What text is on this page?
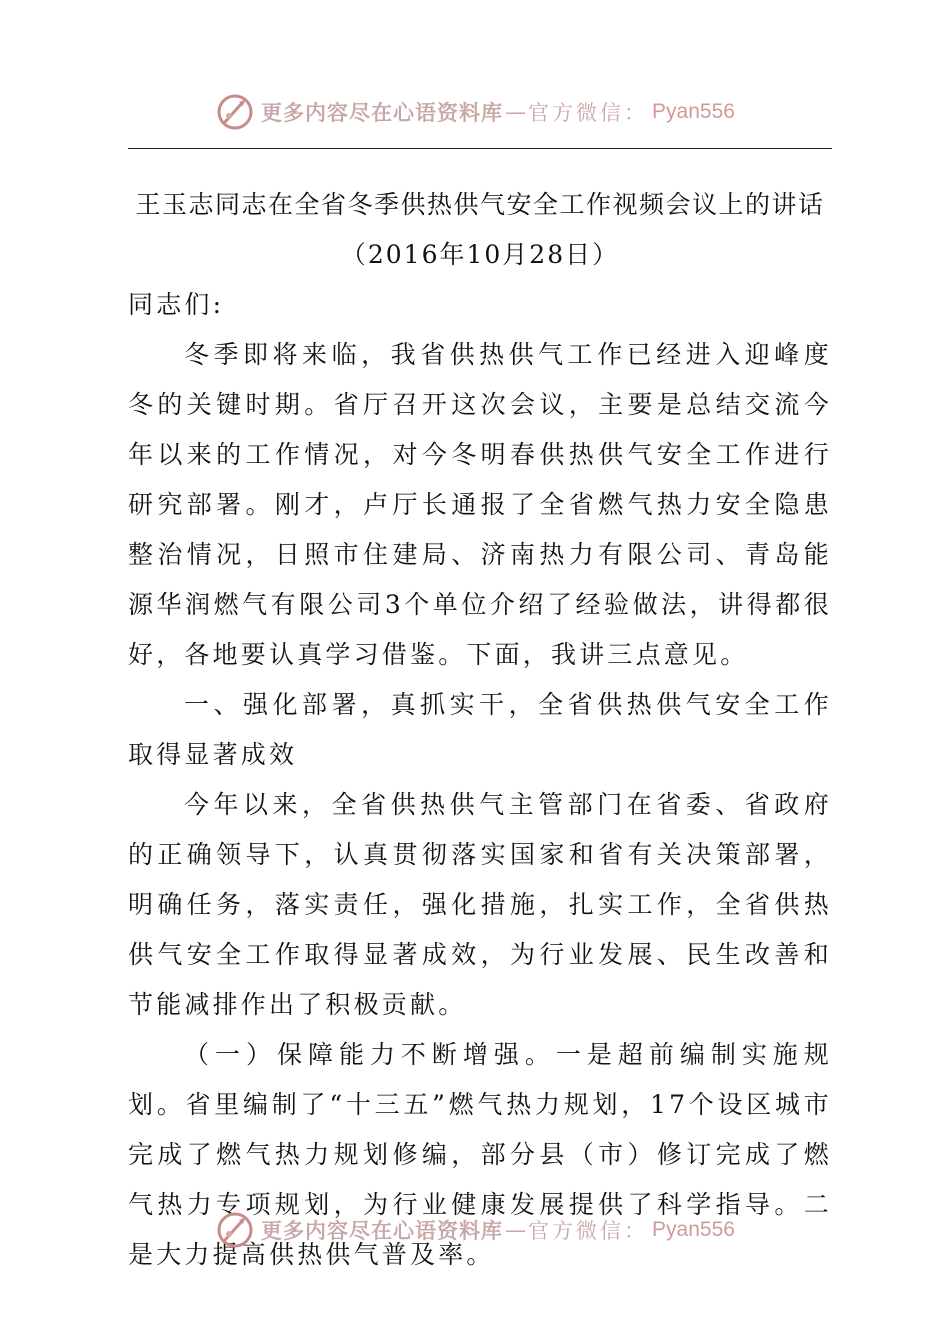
更多内容尽在心语资料库 — 官方微信： Pyan556

王玉志同志在全省冬季供热供气安全工作视频会议上的讲话

（2016年10月28日）

同志们:

冬季即将来临，我省供热供气工作已经进入迎峰度冬的关键时期。省厅召开这次会议，主要是总结交流今年以来的工作情况，对今冬明春供热供气安全工作进行研究部署。刚才，卢厅长通报了全省燃气热力安全隐患整治情况，日照市住建局、济南热力有限公司、青岛能源华润燃气有限公司3个单位介绍了经验做法，讲得都很好，各地要认真学习借鉴。下面，我讲三点意见。

一、强化部署，真抓实干，全省供热供气安全工作取得显著成效

今年以来，全省供热供气主管部门在省委、省政府的正确领导下，认真贯彻落实国家和省有关决策部署，明确任务，落实责任，强化措施，扎实工作，全省供热供气安全工作取得显著成效，为行业发展、民生改善和节能减排作出了积极贡献。

（一）保障能力不断增强。一是超前编制实施规划。省里编制了“十三五”燃气热力规划，17个设区城市完成了燃气热力规划修编，部分县（市）修订完成了燃气热力专项规划，为行业健康发展提供了科学指导。二是大力提高供热供气普及率。

更多内容尽在心语资料库 — 官方微信： Pyan556
